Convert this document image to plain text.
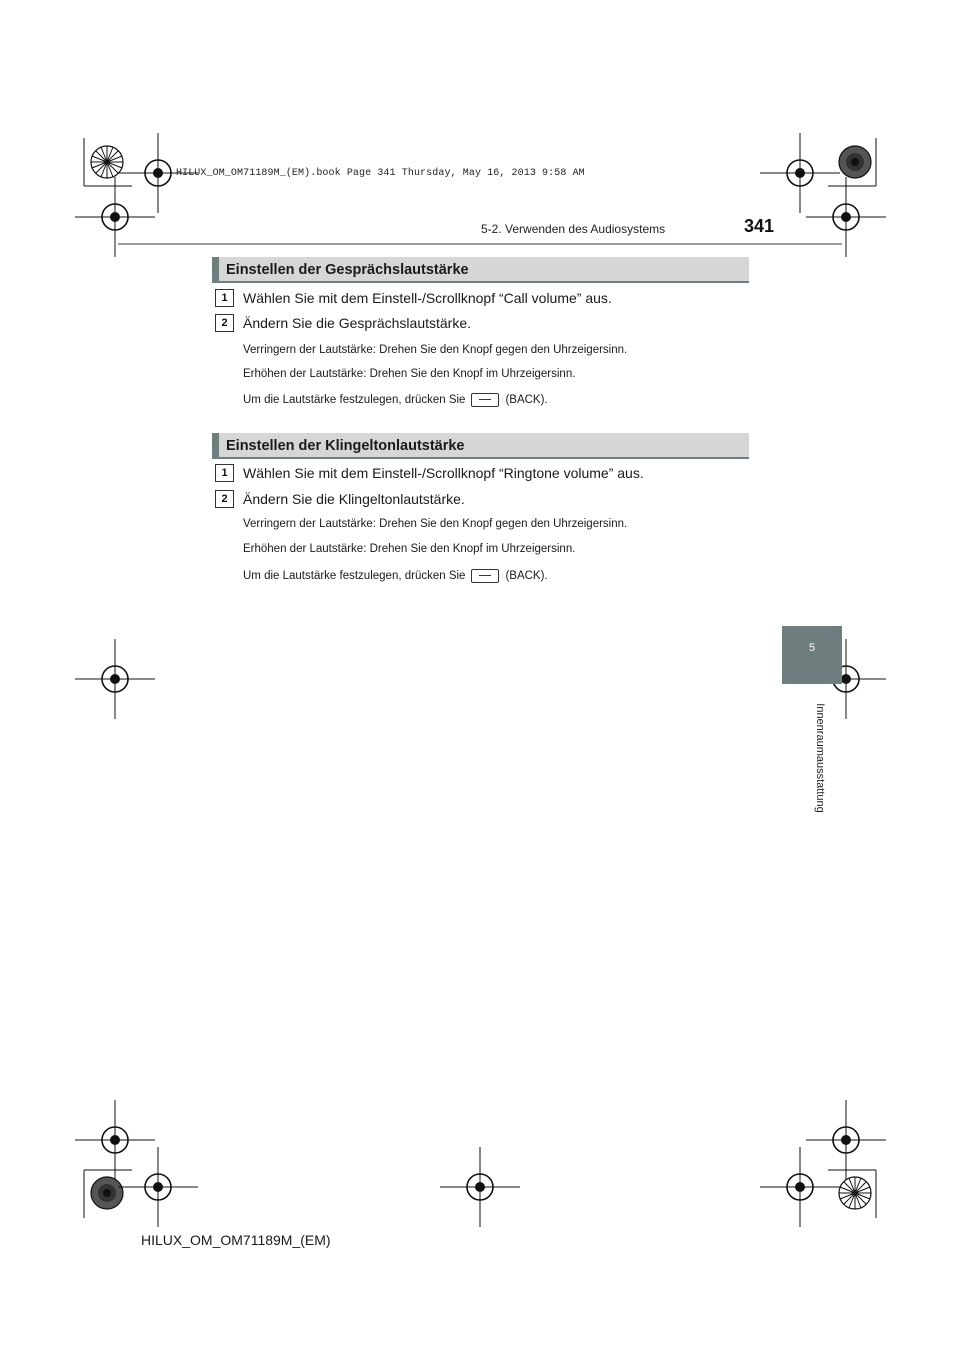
HILUX_OM_OM71189M_(EM).book Page 341 Thursday, May 16, 2013 9:58 AM
5-2. Verwenden des Audiosystems	341
Einstellen der Gesprächslautstärke
1	Wählen Sie mit dem Einstell-/Scrollknopf “Call volume” aus.
2	Ändern Sie die Gesprächslautstärke.
Verringern der Lautstärke: Drehen Sie den Knopf gegen den Uhrzeigersinn.
Erhöhen der Lautstärke: Drehen Sie den Knopf im Uhrzeigersinn.
Um die Lautstärke festzulegen, drücken Sie	(BACK).
Einstellen der Klingeltonlautstärke
1	Wählen Sie mit dem Einstell-/Scrollknopf “Ringtone volume” aus.
2	Ändern Sie die Klingeltonlautstärke.
Verringern der Lautstärke: Drehen Sie den Knopf gegen den Uhrzeigersinn.
Erhöhen der Lautstärke: Drehen Sie den Knopf im Uhrzeigersinn.
Um die Lautstärke festzulegen, drücken Sie	(BACK).
5
Innenraumausstattung
HILUX_OM_OM71189M_(EM)
